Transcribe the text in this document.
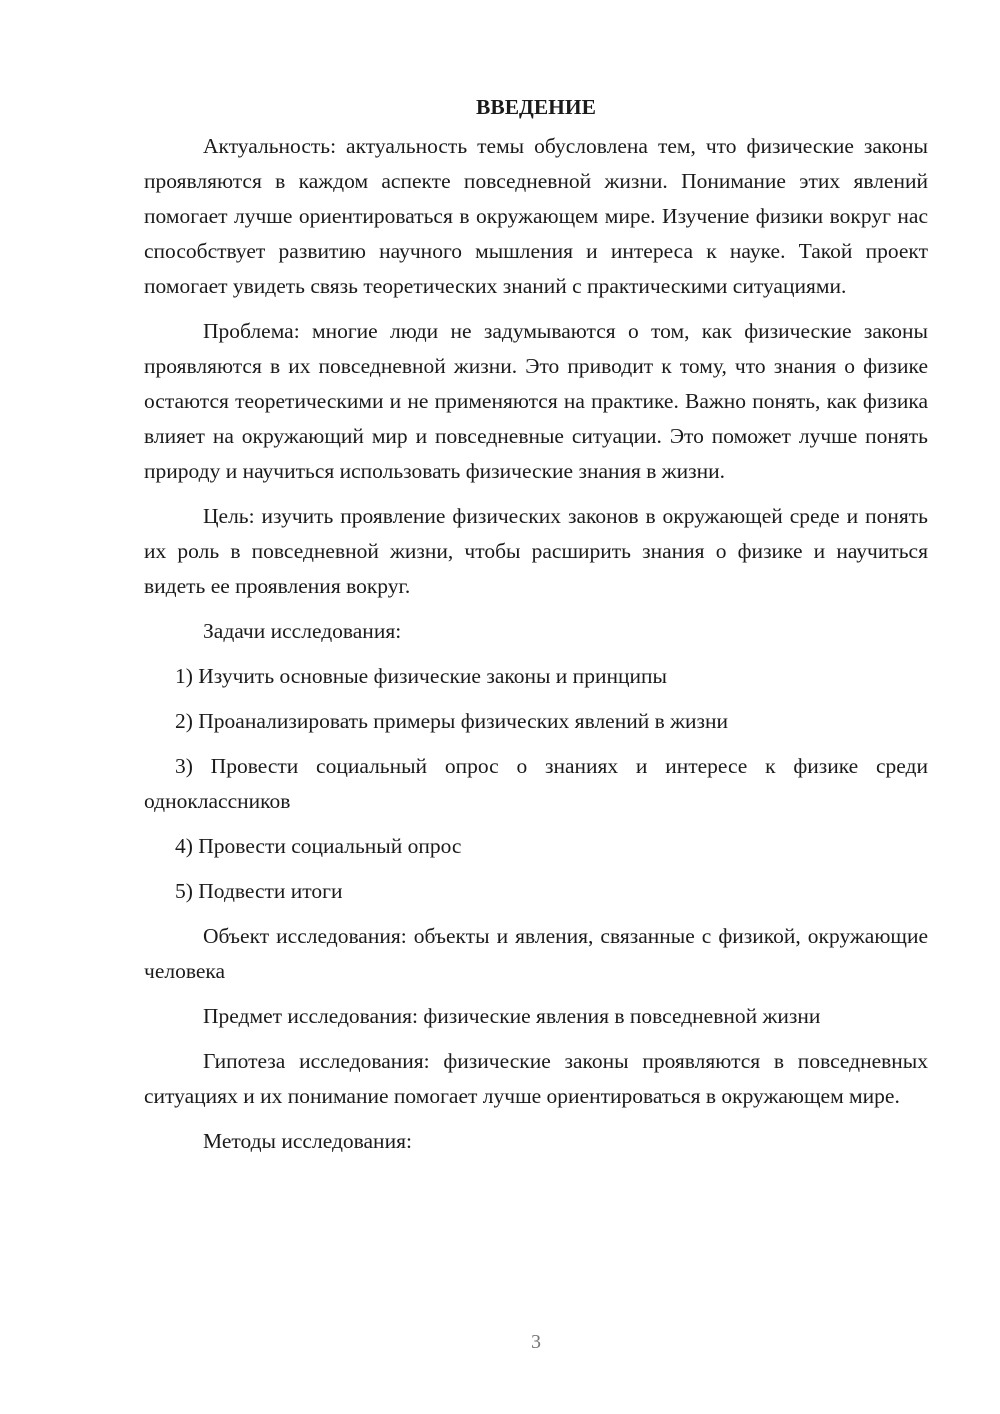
ВВЕДЕНИЕ

Актуальность: актуальность темы обусловлена тем, что физические законы проявляются в каждом аспекте повседневной жизни. Понимание этих явлений помогает лучше ориентироваться в окружающем мире. Изучение физики вокруг нас способствует развитию научного мышления и интереса к науке. Такой проект помогает увидеть связь теоретических знаний с практическими ситуациями.

Проблема: многие люди не задумываются о том, как физические законы проявляются в их повседневной жизни. Это приводит к тому, что знания о физике остаются теоретическими и не применяются на практике. Важно понять, как физика влияет на окружающий мир и повседневные ситуации. Это поможет лучше понять природу и научиться использовать физические знания в жизни.

Цель: изучить проявление физических законов в окружающей среде и понять их роль в повседневной жизни, чтобы расширить знания о физике и научиться видеть ее проявления вокруг.

Задачи исследования:

1) Изучить основные физические законы и принципы

2) Проанализировать примеры физических явлений в жизни

3) Провести социальный опрос о знаниях и интересе к физике среди одноклассников

4) Провести социальный опрос

5) Подвести итоги

Объект исследования: объекты и явления, связанные с физикой, окружающие человека

Предмет исследования: физические явления в повседневной жизни

Гипотеза исследования: физические законы проявляются в повседневных ситуациях и их понимание помогает лучше ориентироваться в окружающем мире.

Методы исследования:

3
